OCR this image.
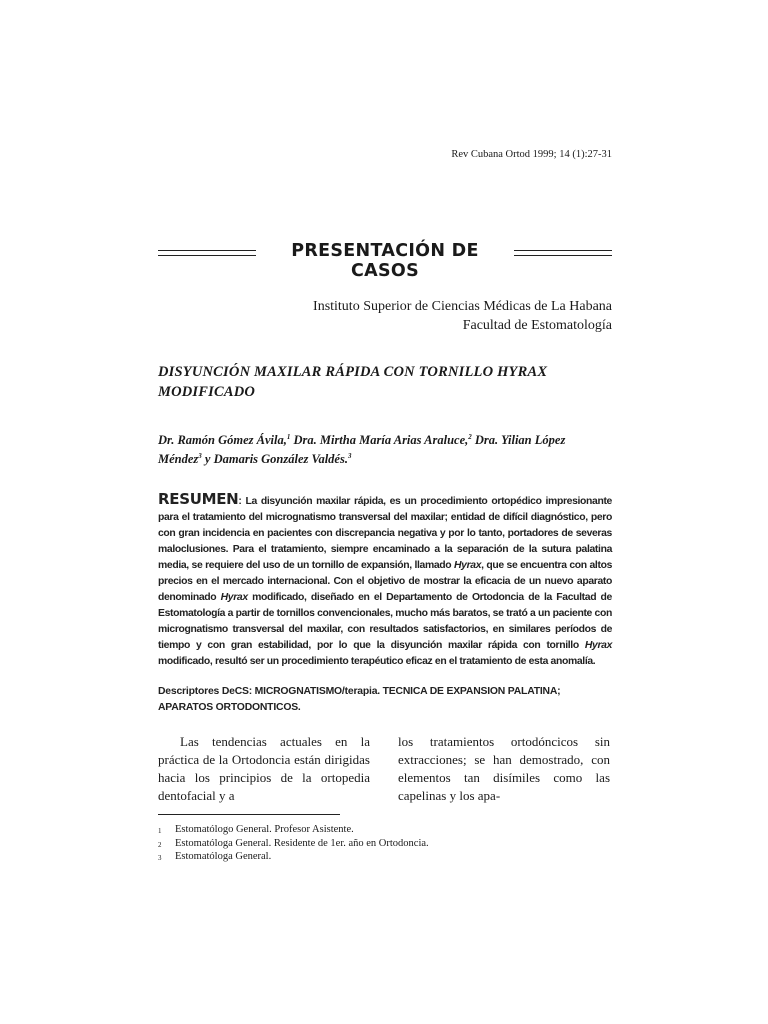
Rev Cubana Ortod 1999; 14 (1):27-31
PRESENTACIÓN DE CASOS
Instituto Superior de Ciencias Médicas de La Habana
Facultad de Estomatología
DISYUNCIÓN MAXILAR RÁPIDA CON TORNILLO HYRAX
MODIFICADO
Dr. Ramón Gómez Ávila,$^1$ Dra. Mirtha María Arias Araluce,$^2$ Dra. Yilian López Méndez$^3$ y Damaris González Valdés.$^3$
RESUMEN: La disyunción maxilar rápida, es un procedimiento ortopédico impresionante para el tratamiento del micrognatismo transversal del maxilar; entidad de difícil diagnóstico, pero con gran incidencia en pacientes con discrepancia negativa y por lo tanto, portadores de severas maloclusiones. Para el tratamiento, siempre encaminado a la separación de la sutura palatina media, se requiere del uso de un tornillo de expansión, llamado Hyrax, que se encuentra con altos precios en el mercado internacional. Con el objetivo de mostrar la eficacia de un nuevo aparato denominado Hyrax modificado, diseñado en el Departamento de Ortodoncia de la Facultad de Estomatología a partir de tornillos convencionales, mucho más baratos, se trató a un paciente con micrognatismo transversal del maxilar, con resultados satisfactorios, en similares períodos de tiempo y con gran estabilidad, por lo que la disyunción maxilar rápida con tornillo Hyrax modificado, resultó ser un procedimiento terapéutico eficaz en el tratamiento de esta anomalía.
Descriptores DeCS: MICROGNATISMO/terapia. TECNICA DE EXPANSION PALATINA; APARATOS ORTODONTICOS.
Las tendencias actuales en la práctica de la Ortodoncia están dirigidas hacia los principios de la ortopedia dentofacial y a
los tratamientos ortodóncicos sin extracciones; se han demostrado, con elementos tan disímiles como las capelinas y los apa-
1	Estomatólogo General. Profesor Asistente.
2	Estomatóloga General. Residente de 1er. año en Ortodoncia.
3	Estomatóloga General.
